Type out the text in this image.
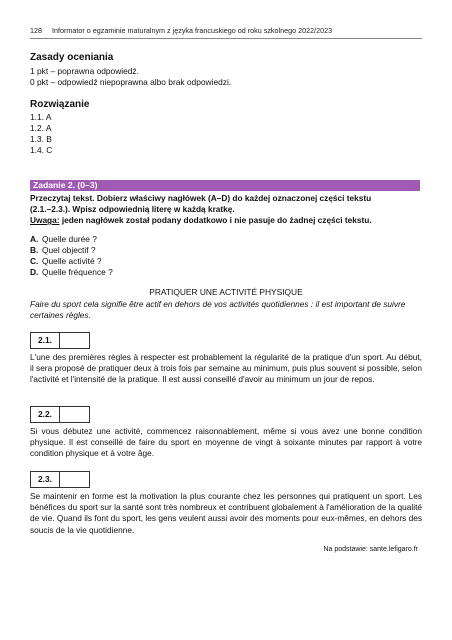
128 Informator o egzaminie maturalnym z języka francuskiego od roku szkolnego 2022/2023
Zasady oceniania
1 pkt – poprawna odpowiedź.
0 pkt – odpowiedź niepoprawna albo brak odpowiedzi.
Rozwiązanie
1.1. A
1.2. A
1.3. B
1.4. C
Zadanie 2. (0–3)
Przeczytaj tekst. Dobierz właściwy nagłówek (A–D) do każdej oznaczonej części tekstu
(2.1.–2.3.). Wpisz odpowiednią literę w każdą kratkę.
Uwaga: jeden nagłówek został podany dodatkowo i nie pasuje do żadnej części tekstu.
A. Quelle durée ?
B. Quel objectif ?
C. Quelle activité ?
D. Quelle fréquence ?
PRATIQUER UNE ACTIVITÉ PHYSIQUE
Faire du sport cela signifie être actif en dehors de vos activités quotidiennes : il est important de suivre certaines règles.
2.1.
L'une des premières règles à respecter est probablement la régularité de la pratique d'un sport. Au début, il sera proposé de pratiquer deux à trois fois par semaine au minimum, puis plus souvent si possible, selon l'activité et l'intensité de la pratique. Il est aussi conseillé d'avoir au minimum un jour de repos.
2.2.
Si vous débutez une activité, commencez raisonnablement, même si vous avez une bonne condition physique. Il est conseillé de faire du sport en moyenne de vingt à soixante minutes par rapport à votre condition physique et à votre âge.
2.3.
Se maintenir en forme est la motivation la plus courante chez les personnes qui pratiquent un sport. Les bénéfices du sport sur la santé sont très nombreux et contribuent globalement à l'amélioration de la qualité de vie. Quand ils font du sport, les gens veulent aussi avoir des moments pour eux-mêmes, en dehors des soucis de la vie quotidienne.
Na podstawie: sante.lefigaro.fr
